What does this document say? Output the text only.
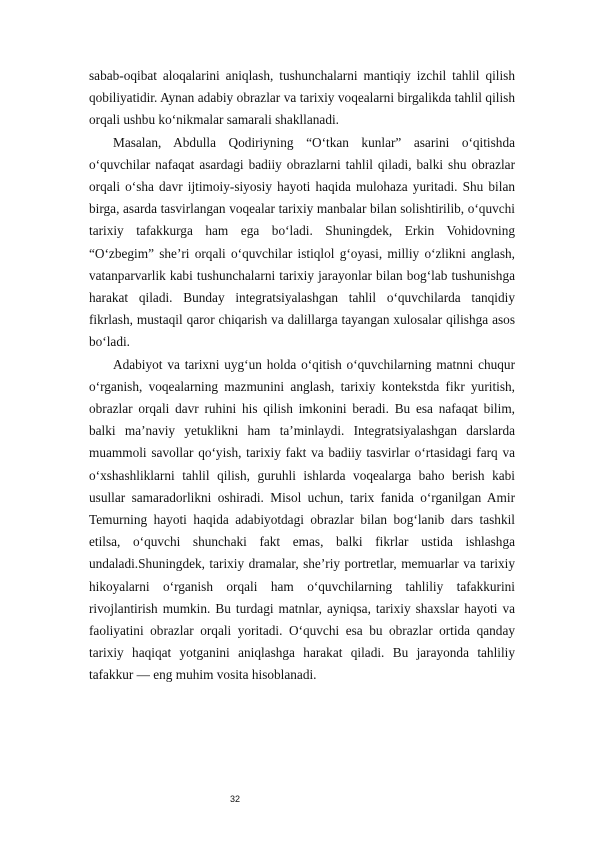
sabab-oqibat aloqalarini aniqlash, tushunchalarni mantiqiy izchil tahlil qilish qobiliyatidir. Aynan adabiy obrazlar va tarixiy voqealarni birgalikda tahlil qilish orqali ushbu ko‘nikmalar samarali shakllanadi.

Masalan, Abdulla Qodiriyning “O‘tkan kunlar” asarini o‘qitishda o‘quvchilar nafaqat asardagi badiiy obrazlarni tahlil qiladi, balki shu obrazlar orqali o‘sha davr ijtimoiy-siyosiy hayoti haqida mulohaza yuritadi. Shu bilan birga, asarda tasvirlangan voqealar tarixiy manbalar bilan solishtirilib, o‘quvchi tarixiy tafakkurga ham ega bo‘ladi. Shuningdek, Erkin Vohidovning “O‘zbegim” she’ri orqali o‘quvchilar istiqlol g‘oyasi, milliy o‘zlikni anglash, vatanparvarlik kabi tushunchalarni tarixiy jarayonlar bilan bog‘lab tushunishga harakat qiladi. Bunday integratsiyalashgan tahlil o‘quvchilarda tanqidiy fikrlash, mustaqil qaror chiqarish va dalillarga tayangan xulosalar qilishga asos bo‘ladi.

Adabiyot va tarixni uyg‘un holda o‘qitish o‘quvchilarning matnni chuqur o‘rganish, voqealarning mazmunini anglash, tarixiy kontekstda fikr yuritish, obrazlar orqali davr ruhini his qilish imkonini beradi. Bu esa nafaqat bilim, balki ma’naviy yetuklikni ham ta’minlaydi. Integratsiyalashgan darslarda muammoli savollar qo‘yish, tarixiy fakt va badiiy tasvirlar o‘rtasidagi farq va o‘xshashliklarni tahlil qilish, guruhli ishlarda voqealarga baho berish kabi usullar samaradorlikni oshiradi. Misol uchun, tarix fanida o‘rganilgan Amir Temurning hayoti haqida adabiyotdagi obrazlar bilan bog‘lanib dars tashkil etilsa, o‘quvchi shunchaki fakt emas, balki fikrlar ustida ishlashga undaladi.Shuningdek, tarixiy dramalar, she’riy portretlar, memuarlar va tarixiy hikoyalarni o‘rganish orqali ham o‘quvchilarning tahliliy tafakkurini rivojlantirish mumkin. Bu turdagi matnlar, ayniqsa, tarixiy shaxslar hayoti va faoliyatini obrazlar orqali yoritadi. O‘quvchi esa bu obrazlar ortida qanday tarixiy haqiqat yotganini aniqlashga harakat qiladi. Bu jarayonda tahliliy tafakkur — eng muhim vosita hisoblanadi.

32
